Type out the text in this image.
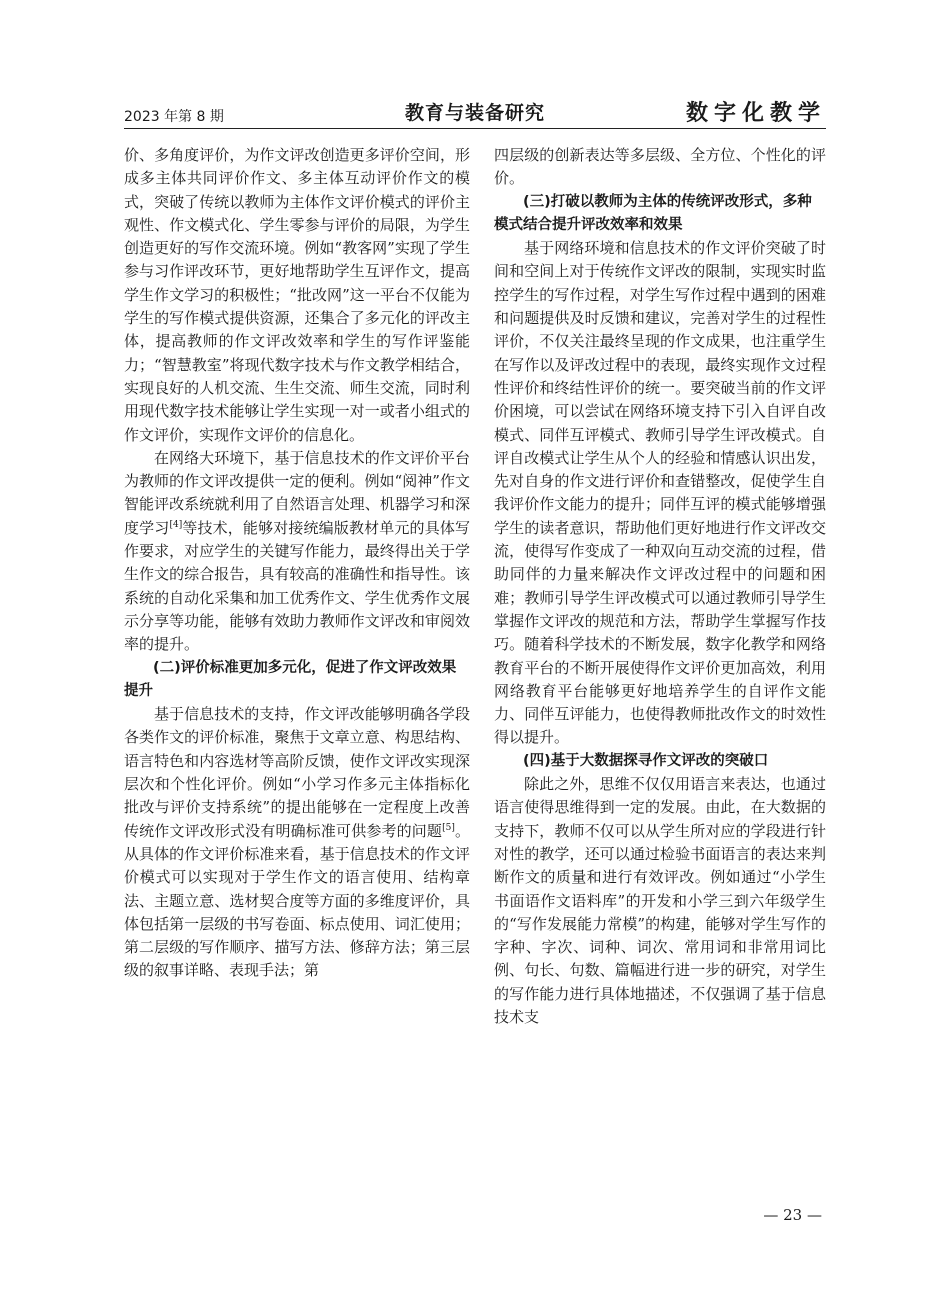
2023 年第 8 期	教育与装备研究	数字化教学

价、多角度评价，为作文评改创造更多评价空间，形成多主体共同评价作文、多主体互动评价作文的模式，突破了传统以教师为主体作文评价模式的评价主观性、作文模式化、学生零参与评价的局限，为学生创造更好的写作交流环境。例如“教客网”实现了学生参与习作评改环节，更好地帮助学生互评作文，提高学生作文学习的积极性；“批改网”这一平台不仅能为学生的写作模式提供资源，还集合了多元化的评改主体，提高教师的作文评改效率和学生的写作评鉴能力；“智慧教室”将现代数字技术与作文教学相结合，实现良好的人机交流、生生交流、师生交流，同时利用现代数字技术能够让学生实现一对一或者小组式的作文评价，实现作文评价的信息化。

在网络大环境下，基于信息技术的作文评价平台为教师的作文评改提供一定的便利。例如“阅神”作文智能评改系统就利用了自然语言处理、机器学习和深度学习[4]等技术，能够对接统编版教材单元的具体写作要求，对应学生的关键写作能力，最终得出关于学生作文的综合报告，具有较高的准确性和指导性。该系统的自动化采集和加工优秀作文、学生优秀作文展示分享等功能，能够有效助力教师作文评改和审阅效率的提升。

(二)评价标准更加多元化，促进了作文评改效果提升

基于信息技术的支持，作文评改能够明确各学段各类作文的评价标准，聚焦于文章立意、构思结构、语言特色和内容选材等高阶反馈，使作文评改实现深层次和个性化评价。例如“小学习作多元主体指标化批改与评价支持系统”的提出能够在一定程度上改善传统作文评改形式没有明确标准可供参考的问题[5]。从具体的作文评价标准来看，基于信息技术的作文评价模式可以实现对于学生作文的语言使用、结构章法、主题立意、选材契合度等方面的多维度评价，具体包括第一层级的书写卷面、标点使用、词汇使用；第二层级的写作顺序、描写方法、修辞方法；第三层级的叙事详略、表现手法；第

四层级的创新表达等多层级、全方位、个性化的评价。

(三)打破以教师为主体的传统评改形式，多种模式结合提升评改效率和效果

基于网络环境和信息技术的作文评价突破了时间和空间上对于传统作文评改的限制，实现实时监控学生的写作过程，对学生写作过程中遇到的困难和问题提供及时反馈和建议，完善对学生的过程性评价，不仅关注最终呈现的作文成果，也注重学生在写作以及评改过程中的表现，最终实现作文过程性评价和终结性评价的统一。要突破当前的作文评价困境，可以尝试在网络环境支持下引入自评自改模式、同伴互评模式、教师引导学生评改模式。自评自改模式让学生从个人的经验和情感认识出发，先对自身的作文进行评价和查错整改，促使学生自我评价作文能力的提升；同伴互评的模式能够增强学生的读者意识，帮助他们更好地进行作文评改交流，使得写作变成了一种双向互动交流的过程，借助同伴的力量来解决作文评改过程中的问题和困难；教师引导学生评改模式可以通过教师引导学生掌握作文评改的规范和方法，帮助学生掌握写作技巧。随着科学技术的不断发展，数字化教学和网络教育平台的不断开展使得作文评价更加高效，利用网络教育平台能够更好地培养学生的自评作文能力、同伴互评能力，也使得教师批改作文的时效性得以提升。

(四)基于大数据探寻作文评改的突破口

除此之外，思维不仅仅用语言来表达，也通过语言使得思维得到一定的发展。由此，在大数据的支持下，教师不仅可以从学生所对应的学段进行针对性的教学，还可以通过检验书面语言的表达来判断作文的质量和进行有效评改。例如通过“小学生书面语作文语料库”的开发和小学三到六年级学生的“写作发展能力常模”的构建，能够对学生写作的字种、字次、词种、词次、常用词和非常用词比例、句长、句数、篇幅进行进一步的研究，对学生的写作能力进行具体地描述，不仅强调了基于信息技术支

— 23 —
